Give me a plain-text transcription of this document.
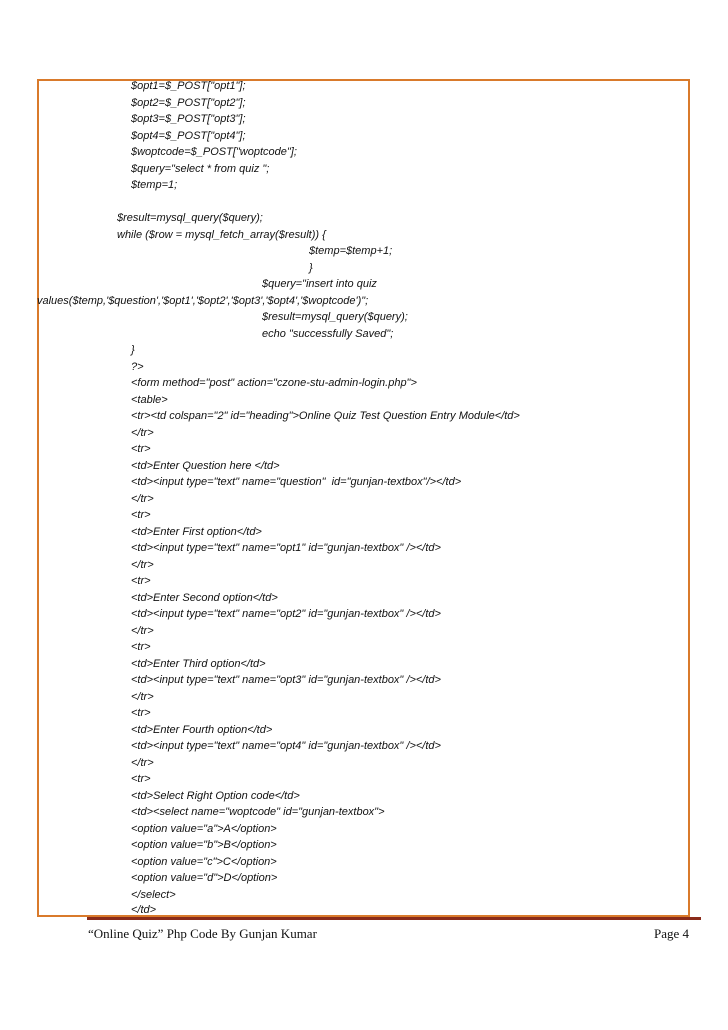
$opt1=$_POST["opt1"];
$opt2=$_POST["opt2"];
$opt3=$_POST["opt3"];
$opt4=$_POST["opt4"];
$woptcode=$_POST["woptcode"];
$query="select * from quiz ";
$temp=1;
$result=mysql_query($query);
while ($row = mysql_fetch_array($result)) {
$temp=$temp+1;
}
$query="insert into quiz
values($temp,'$question','$opt1','$opt2','$opt3','$opt4','$woptcode')";
$result=mysql_query($query);
echo "successfully Saved";
}
?>
<form method="post" action="czone-stu-admin-login.php">
<table>
<tr><td colspan="2" id="heading">Online Quiz Test Question Entry Module</td>
</tr>
<tr>
<td>Enter Question here </td>
<td><input type="text" name="question"  id="gunjan-textbox"/></td>
</tr>
<tr>
<td>Enter First option</td>
<td><input type="text" name="opt1" id="gunjan-textbox" /></td>
</tr>
<tr>
<td>Enter Second option</td>
<td><input type="text" name="opt2" id="gunjan-textbox" /></td>
</tr>
<tr>
<td>Enter Third option</td>
<td><input type="text" name="opt3" id="gunjan-textbox" /></td>
</tr>
<tr>
<td>Enter Fourth option</td>
<td><input type="text" name="opt4" id="gunjan-textbox" /></td>
</tr>
<tr>
<td>Select Right Option code</td>
<td><select name="woptcode" id="gunjan-textbox">
<option value="a">A</option>
<option value="b">B</option>
<option value="c">C</option>
<option value="d">D</option>
</select>
</td>
“Online Quiz” Php Code By Gunjan Kumar	Page 4
